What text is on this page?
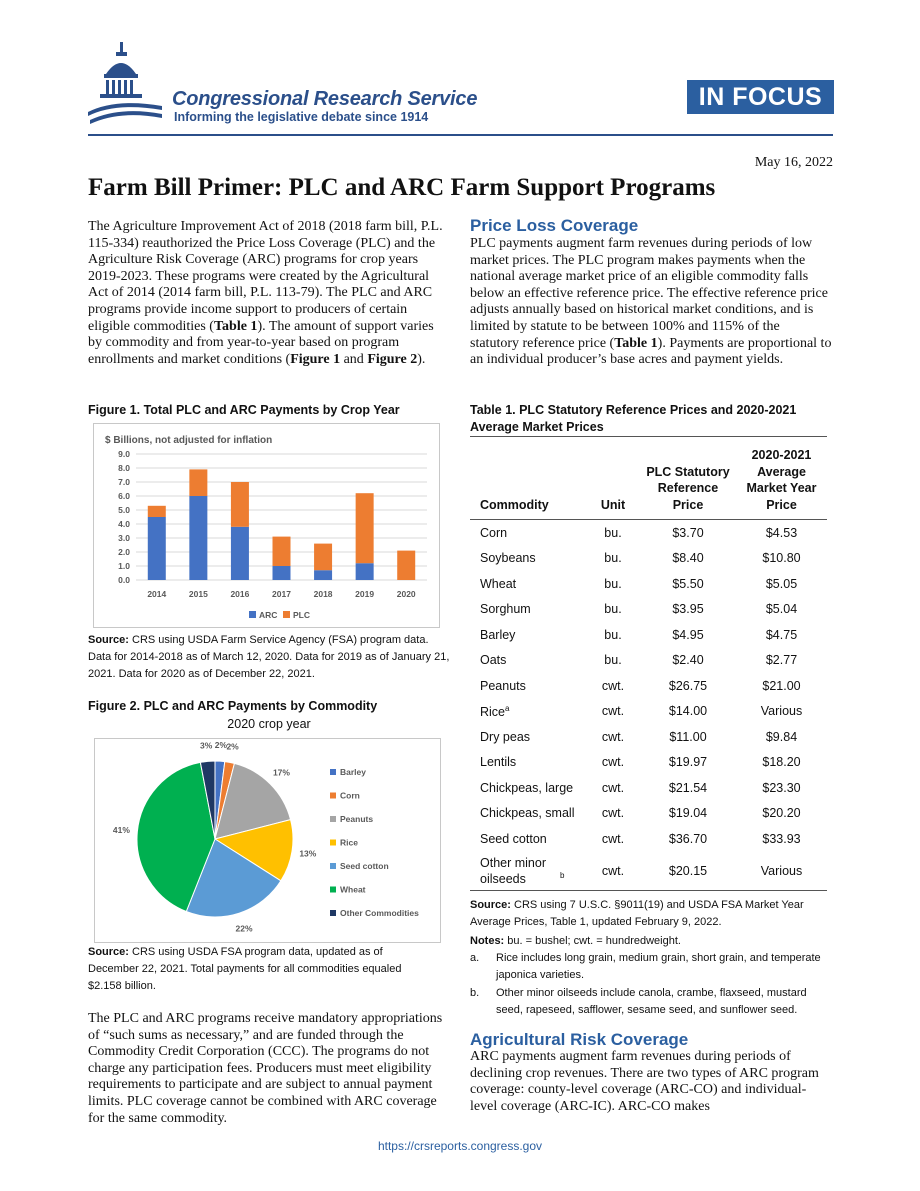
Congressional Research Service
Informing the legislative debate since 1914
IN FOCUS
May 16, 2022
Farm Bill Primer: PLC and ARC Farm Support Programs
The Agriculture Improvement Act of 2018 (2018 farm bill, P.L. 115-334) reauthorized the Price Loss Coverage (PLC) and the Agriculture Risk Coverage (ARC) programs for crop years 2019-2023. These programs were created by the Agricultural Act of 2014 (2014 farm bill, P.L. 113-79). The PLC and ARC programs provide income support to producers of certain eligible commodities (Table 1). The amount of support varies by commodity and from year-to-year based on program enrollments and market conditions (Figure 1 and Figure 2).
Figure 1. Total PLC and ARC Payments by Crop Year
$ Billions, not adjusted for inflation
0.0
1.0
2.0
3.0
4.0
5.0
6.0
7.0
8.0
9.0
2014	2015	2016	2017	2018	2019	2020
ARC PLC
Source: CRS using USDA Farm Service Agency (FSA) program data. Data for 2014-2018 as of March 12, 2020. Data for 2019 as of January 21, 2021. Data for 2020 as of December 22, 2021.
Figure 2. PLC and ARC Payments by Commodity
2020 crop year
2% 2%
17%
13%
22%
41%
3%
Barley
Corn
Peanuts
Rice
Seed cotton
Wheat
Other Commodities
Source: CRS using USDA FSA program data, updated as of December 22, 2021. Total payments for all commodities equaled $2.158 billion.
The PLC and ARC programs receive mandatory appropriations of “such sums as necessary,” and are funded through the Commodity Credit Corporation (CCC). The programs do not charge any participation fees. Producers must meet eligibility requirements to participate and are subject to annual payment limits. PLC coverage cannot be combined with ARC coverage for the same commodity.
Price Loss Coverage
PLC payments augment farm revenues during periods of low market prices. The PLC program makes payments when the national average market price of an eligible commodity falls below an effective reference price. The effective reference price adjusts annually based on historical market conditions, and is limited by statute to be between 100% and 115% of the statutory reference price (Table 1). Payments are proportional to an individual producer’s base acres and payment yields.
Table 1. PLC Statutory Reference Prices and 2020-2021 Average Market Prices
Commodity	Unit	PLC Statutory Reference Price	2020-2021 Average Market Year Price
Corn	bu.	$3.70	$4.53
Soybeans	bu.	$8.40	$10.80
Wheat	bu.	$5.50	$5.05
Sorghum	bu.	$3.95	$5.04
Barley	bu.	$4.95	$4.75
Oats	bu.	$2.40	$2.77
Peanuts	cwt.	$26.75	$21.00
Rice$^a$	cwt.	$14.00	Various
Dry peas	cwt.	$11.00	$9.84
Lentils	cwt.	$19.97	$18.20
Chickpeas, large	cwt.	$21.54	$23.30
Chickpeas, small	cwt.	$19.04	$20.20
Seed cotton	cwt.	$36.70	$33.93
Other minor oilseeds $^b$	cwt.	$20.15	Various
Source: CRS using 7 U.S.C. §9011(19) and USDA FSA Market Year Average Prices, Table 1, updated February 9, 2022.
Notes: bu. = bushel; cwt. = hundredweight.
a.	Rice includes long grain, medium grain, short grain, and temperate japonica varieties.
b.	Other minor oilseeds include canola, crambe, flaxseed, mustard seed, rapeseed, safflower, sesame seed, and sunflower seed.
Agricultural Risk Coverage
ARC payments augment farm revenues during periods of declining crop revenues. There are two types of ARC program coverage: county-level coverage (ARC-CO) and individual-level coverage (ARC-IC). ARC-CO makes
https://crsreports.congress.gov
